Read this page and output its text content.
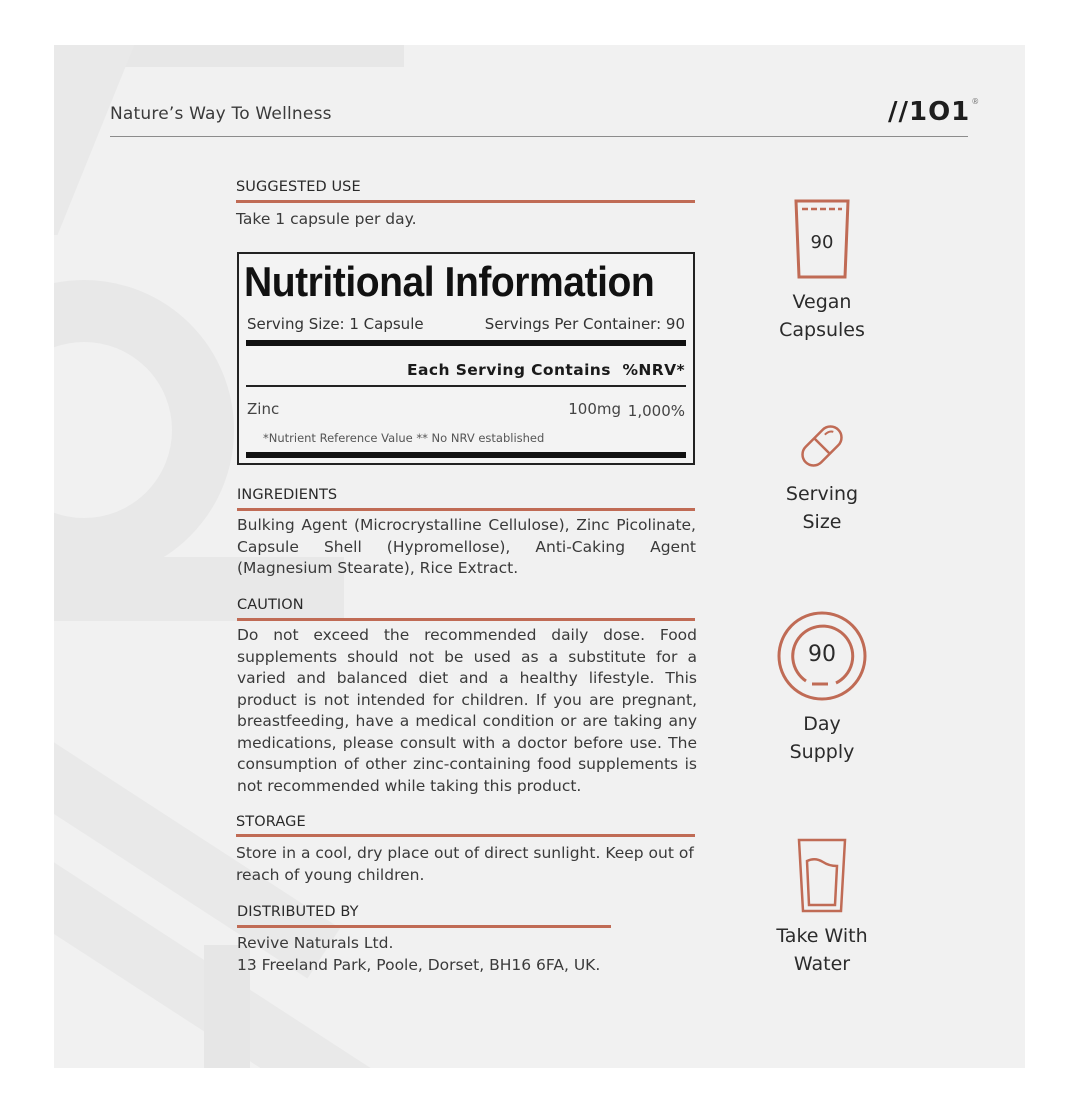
Nature’s Way To Wellness	//1O1®
SUGGESTED USE
Take 1 capsule per day.
Nutritional Information
Serving Size: 1 Capsule	Servings Per Container: 90
Each Serving Contains  %NRV*
Zinc	100mg 1,000%
*Nutrient Reference Value ** No NRV established
INGREDIENTS
Bulking Agent (Microcrystalline Cellulose), Zinc Picolinate, Capsule Shell (Hypromellose), Anti-Caking Agent (Magnesium Stearate), Rice Extract.
CAUTION
Do not exceed the recommended daily dose. Food supplements should not be used as a substitute for a varied and balanced diet and a healthy lifestyle. This product is not intended for children. If you are pregnant, breastfeeding, have a medical condition or are taking any medications, please consult with a doctor before use. The consumption of other zinc-containing food supplements is not recommended while taking this product.
STORAGE
Store in a cool, dry place out of direct sunlight. Keep out of reach of young children.
DISTRIBUTED BY
Revive Naturals Ltd.
13 Freeland Park, Poole, Dorset, BH16 6FA, UK.
90
Vegan
Capsules
Serving
Size
90
Day
Supply
Take With
Water
